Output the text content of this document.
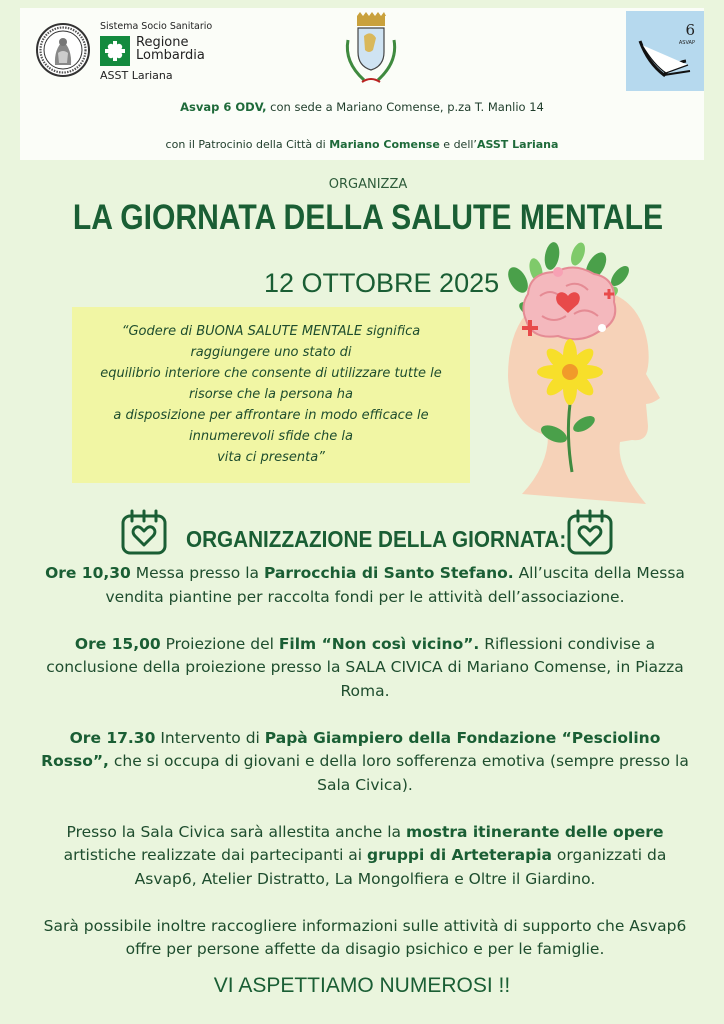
Sistema Socio Sanitario
Regione
Lombardia
ASST Lariana
6
ASVAP
Asvap 6 ODV, con sede a Mariano Comense, p.za T. Manlio 14
con il Patrocinio della Città di Mariano Comense e dell’ASST Lariana
ORGANIZZA
LA GIORNATA DELLA SALUTE MENTALE
12 OTTOBRE 2025
“Godere di BUONA SALUTE MENTALE significa
raggiungere uno stato di
equilibrio interiore che consente di utilizzare tutte le
risorse che la persona ha
a disposizione per affrontare in modo efficace le
innumerevoli sfide che la
vita ci presenta”
ORGANIZZAZIONE DELLA GIORNATA:

Ore 10,30 Messa presso la Parrocchia di Santo Stefano. All’uscita della Messa vendita piantine per raccolta fondi per le attività dell’associazione.

Ore 15,00 Proiezione del Film “Non così vicino”. Riflessioni condivise a conclusione della proiezione presso la SALA CIVICA di Mariano Comense, in Piazza Roma.

Ore 17.30 Intervento di Papà Giampiero della Fondazione “Pesciolino Rosso”, che si occupa di giovani e della loro sofferenza emotiva (sempre presso la Sala Civica).

Presso la Sala Civica sarà allestita anche la mostra itinerante delle opere artistiche realizzate dai partecipanti ai gruppi di Arteterapia organizzati da Asvap6, Atelier Distratto, La Mongolfiera e Oltre il Giardino.

Sarà possibile inoltre raccogliere informazioni sulle attività di supporto che Asvap6 offre per persone affette da disagio psichico e per le famiglie.

VI ASPETTIAMO NUMEROSI !!
